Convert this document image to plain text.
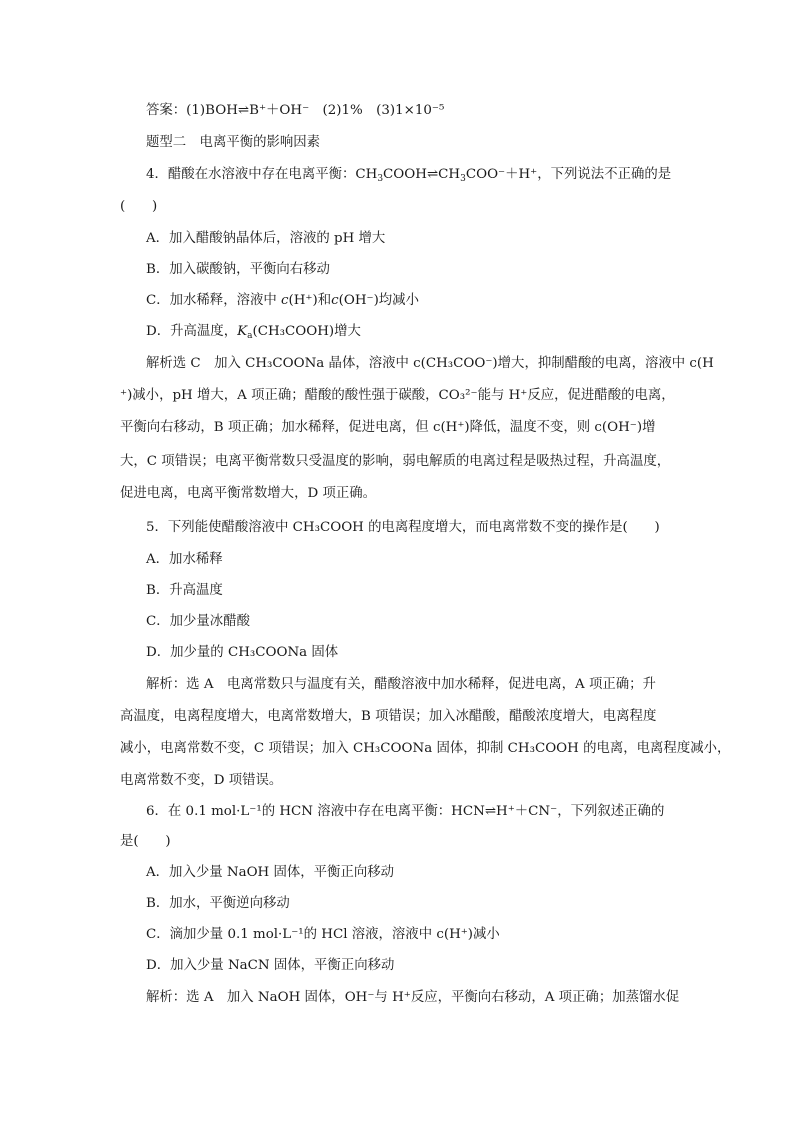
答案：(1)BOH⇌B⁺＋OH⁻　(2)1%　(3)1×10⁻⁵
题型二　电离平衡的影响因素
4．醋酸在水溶液中存在电离平衡：$CH_3COOH\rightleftharpoons CH_3COO^-+H^+$，下列说法不正确的是
(　　)
A．加入醋酸钠晶体后，溶液的 pH 增大
B．加入碳酸钠，平衡向右移动
C．加水稀释，溶液中 c(H⁺)和c(OH⁻)均减小
D．升高温度，$K_a(CH_3COOH)$增大
解析选 C　加入 CH₃COONa 晶体，溶液中 c(CH₃COO⁻)增大，抑制醋酸的电离，溶液中 c(H
⁺)减小，pH 增大，A 项正确；醋酸的酸性强于碳酸，CO₃²⁻能与 H⁺反应，促进醋酸的电离，
平衡向右移动，B 项正确；加水稀释，促进电离，但 c(H⁺)降低，温度不变，则 c(OH⁻)增
大，C 项错误；电离平衡常数只受温度的影响，弱电解质的电离过程是吸热过程，升高温度，
促进电离，电离平衡常数增大，D 项正确。
5．下列能使醋酸溶液中 CH₃COOH 的电离程度增大，而电离常数不变的操作是(　　)
A．加水稀释
B．升高温度
C．加少量冰醋酸
D．加少量的 CH₃COONa 固体
解析：选 A　电离常数只与温度有关，醋酸溶液中加水稀释，促进电离，A 项正确；升
高温度，电离程度增大，电离常数增大，B 项错误；加入冰醋酸，醋酸浓度增大，电离程度
减小，电离常数不变，C 项错误；加入 CH₃COONa 固体，抑制 CH₃COOH 的电离，电离程度减小，
电离常数不变，D 项错误。
6．在 0.1 mol·L⁻¹的 HCN 溶液中存在电离平衡：HCN⇌H⁺＋CN⁻，下列叙述正确的
是(　　)
A．加入少量 NaOH 固体，平衡正向移动
B．加水，平衡逆向移动
C．滴加少量 0.1 mol·L⁻¹的 HCl 溶液，溶液中 c(H⁺)减小
D．加入少量 NaCN 固体，平衡正向移动
解析：选 A　加入 NaOH 固体，OH⁻与 H⁺反应，平衡向右移动，A 项正确；加蒸馏水促
